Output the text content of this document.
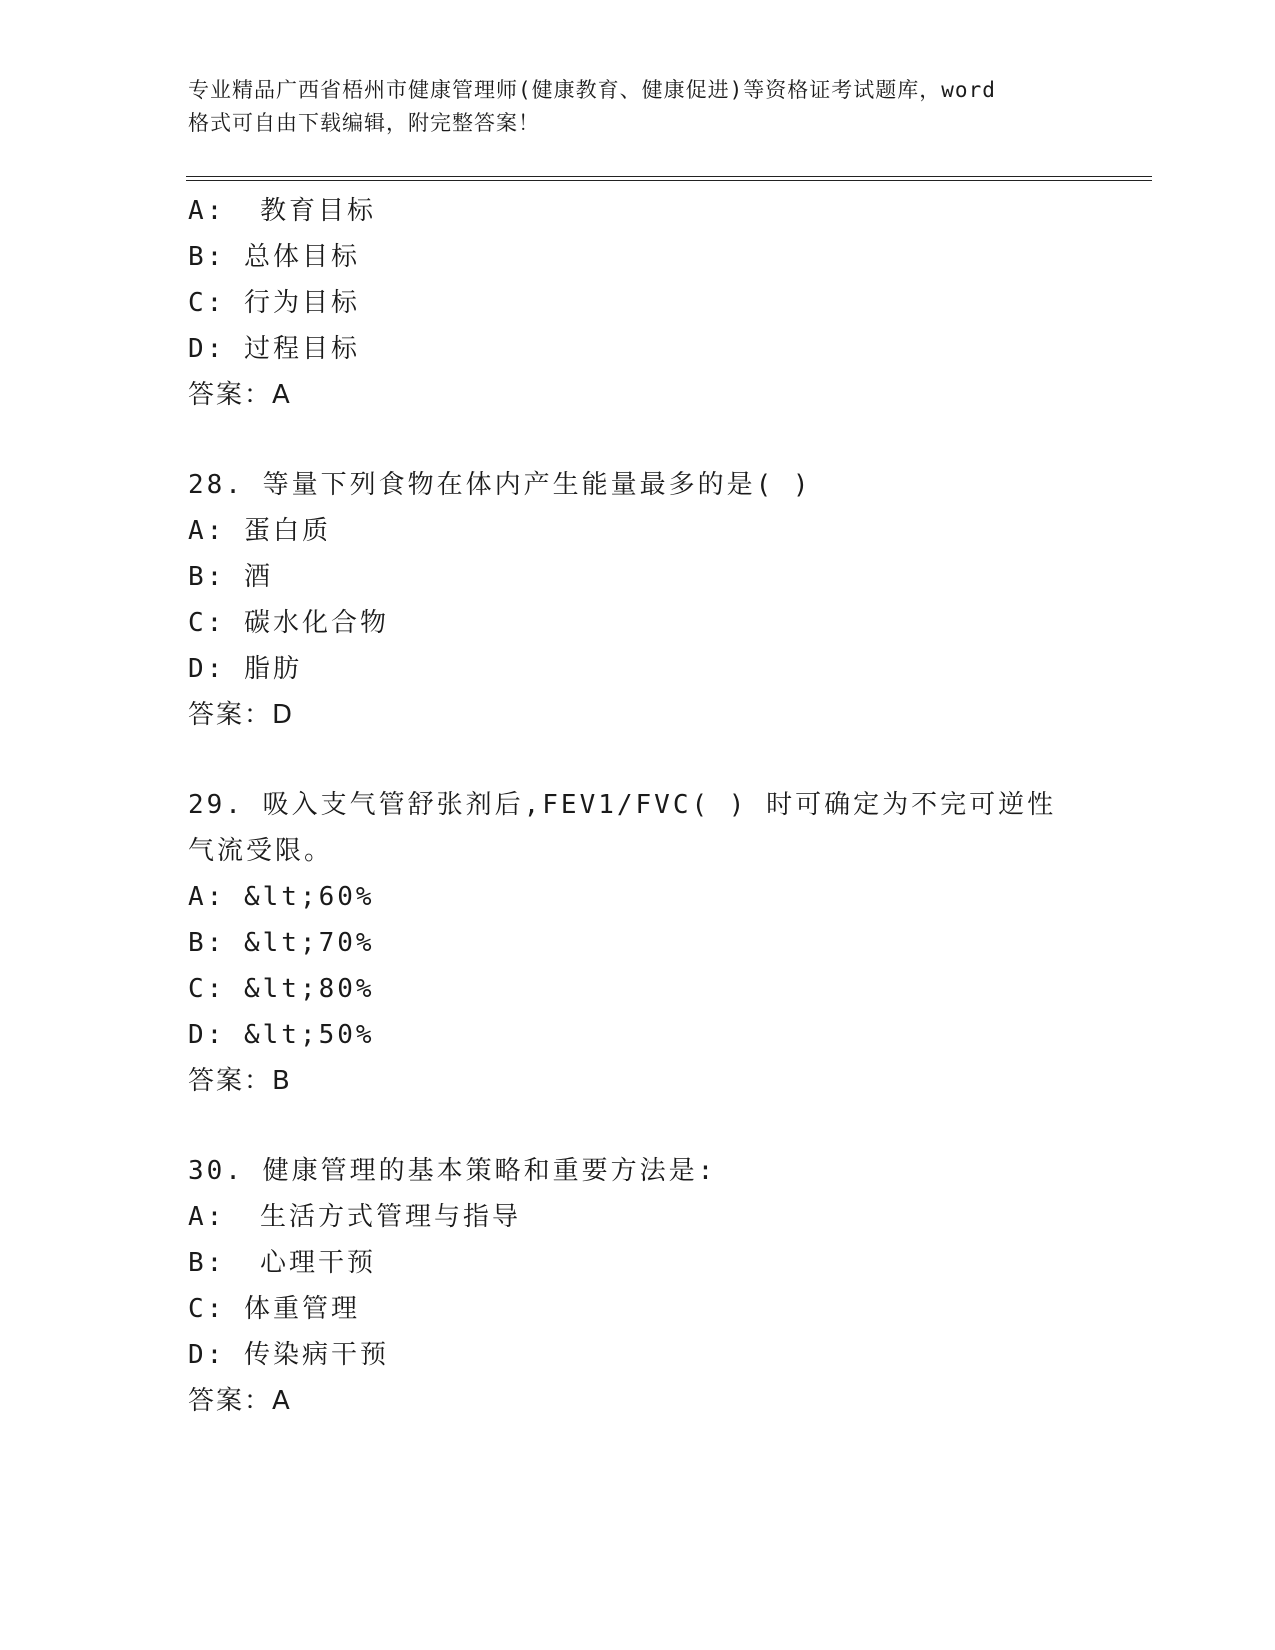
专业精品广西省梧州市健康管理师(健康教育、健康促进)等资格证考试题库，word
格式可自由下载编辑，附完整答案！
A: 教育目标
B: 总体目标
C: 行为目标
D: 过程目标
答案：A
28. 等量下列食物在体内产生能量最多的是( )
A: 蛋白质
B: 酒
C: 碳水化合物
D: 脂肪
答案：D
29. 吸入支气管舒张剂后,FEV1/FVC( ) 时可确定为不完可逆性
气流受限。
A: &lt;60%
B: &lt;70%
C: &lt;80%
D: &lt;50%
答案：B
30. 健康管理的基本策略和重要方法是:
A: 生活方式管理与指导
B: 心理干预
C: 体重管理
D: 传染病干预
答案：A
